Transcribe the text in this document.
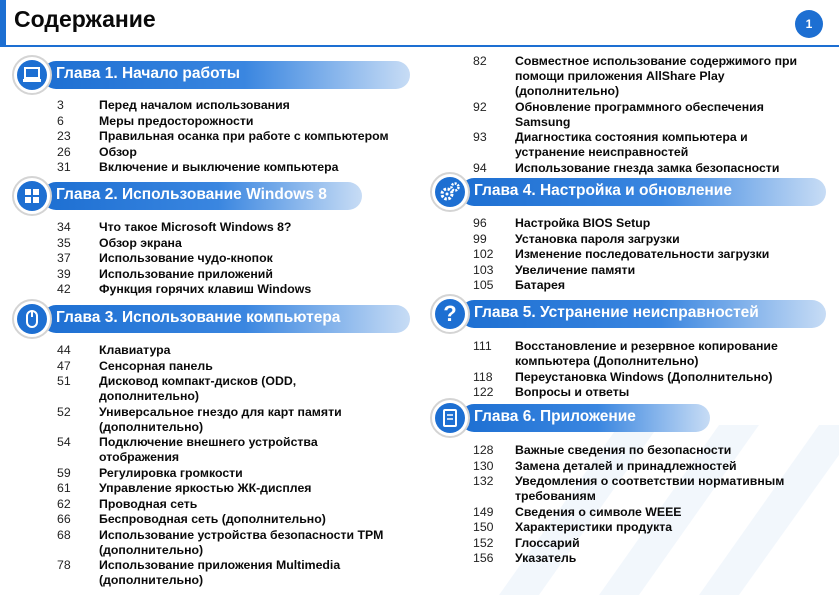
Содержание	1
Глава 1. Начало работы
3	Перед началом использования
6	Меры предосторожности
23	Правильная осанка при работе с компьютером
26	Обзор
31	Включение и выключение компьютера
Глава 2. Использование Windows 8
34	Что такое Microsoft Windows 8?
35	Обзор экрана
37	Использование чудо-кнопок
39	Использование приложений
42	Функция горячих клавиш Windows
Глава 3. Использование компьютера
44	Клавиатура
47	Сенсорная панель
51	Дисковод компакт-дисков (ODD, дополнительно)
52	Универсальное гнездо для карт памяти (дополнительно)
54	Подключение внешнего устройства отображения
59	Регулировка громкости
61	Управление яркостью ЖК-дисплея
62	Проводная сеть
66	Беспроводная сеть (дополнительно)
68	Использование устройства безопасности TPM (дополнительно)
78	Использование приложения Multimedia (дополнительно)
82	Совместное использование содержимого при помощи приложения AllShare Play (дополнительно)
92	Обновление программного обеспечения Samsung
93	Диагностика состояния компьютера и устранение неисправностей
94	Использование гнезда замка безопасности
Глава 4. Настройка и обновление
96	Настройка BIOS Setup
99	Установка пароля загрузки
102	Изменение последовательности загрузки
103	Увеличение памяти
105	Батарея
Глава 5. Устранение неисправностей
?
111	Восстановление и резервное копирование компьютера (Дополнительно)
118	Переустановка Windows (Дополнительно)
122	Вопросы и ответы
Глава 6. Приложение
128	Важные сведения по безопасности
130	Замена деталей и принадлежностей
132	Уведомления о соответствии нормативным требованиям
149	Сведения о символе WEEE
150	Характеристики продукта
152	Глоссарий
156	Указатель
